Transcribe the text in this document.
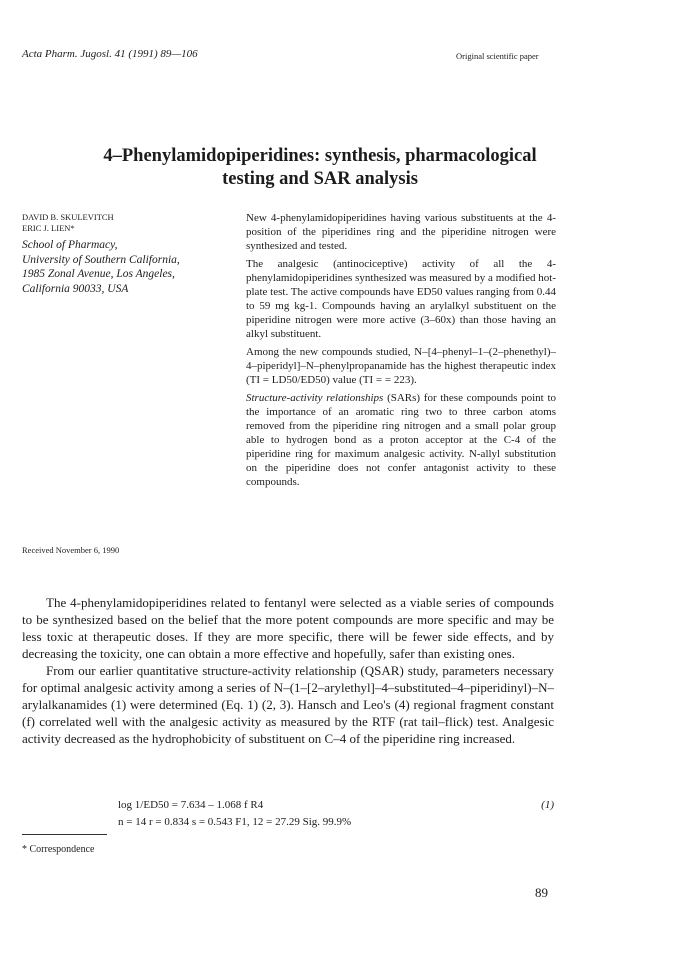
Acta Pharm. Jugosl. 41 (1991) 89—106	Original scientific paper
4–Phenylamidopiperidines: synthesis, pharmacological
testing and SAR analysis
DAVID B. SKULEVITCH
ERIC J. LIEN*
School of Pharmacy,
University of Southern California,
1985 Zonal Avenue, Los Angeles,
California 90033, USA
Received November 6, 1990

New 4-phenylamidopiperidines having various substituents at the 4-position of the piperidines ring and the piperidine nitrogen were synthesized and tested.

The analgesic (antinociceptive) activity of all the 4-phenylamidopiperidines synthesized was measured by a modified hot-plate test. The active compounds have ED50 values ranging from 0.44 to 59 mg kg-1. Compounds having an arylalkyl substituent on the piperidine nitrogen were more active (3–60x) than those having an alkyl substituent.

Among the new compounds studied, N–[4–phenyl–1–(2–phenethyl)–4–piperidyl]–N–phenylpropanamide has the highest therapeutic index (TI = LD50/ED50) value (TI = = 223).

Structure-activity relationships (SARs) for these compounds point to the importance of an aromatic ring two to three carbon atoms removed from the piperidine ring nitrogen and a small polar group able to hydrogen bond as a proton acceptor at the C-4 of the piperidine ring for maximum analgesic activity. N-allyl substitution on the piperidine does not confer antagonist activity to these compounds.

The 4-phenylamidopiperidines related to fentanyl were selected as a viable series of compounds to be synthesized based on the belief that the more potent compounds are more specific and may be less toxic at therapeutic doses. If they are more specific, there will be fewer side effects, and by decreasing the toxicity, one can obtain a more effective and hopefully, safer than existing ones.

From our earlier quantitative structure-activity relationship (QSAR) study, parameters necessary for optimal analgesic activity among a series of N–(1–[2–arylethyl]–4–substituted–4–piperidinyl)–N–arylalkanamides (1) were determined (Eq. 1) (2, 3). Hansch and Leo's (4) regional fragment constant (f) correlated well with the analgesic activity as measured by the RTF (rat tail–flick) test. Analgesic activity decreased as the hydrophobicity of substituent on C–4 of the piperidine ring increased.

log 1/ED50 = 7.634 – 1.068 f R4	(1)
n = 14 r = 0.834 s = 0.543 F1, 12 = 27.29 Sig. 99.9%
* Correspondence
89
